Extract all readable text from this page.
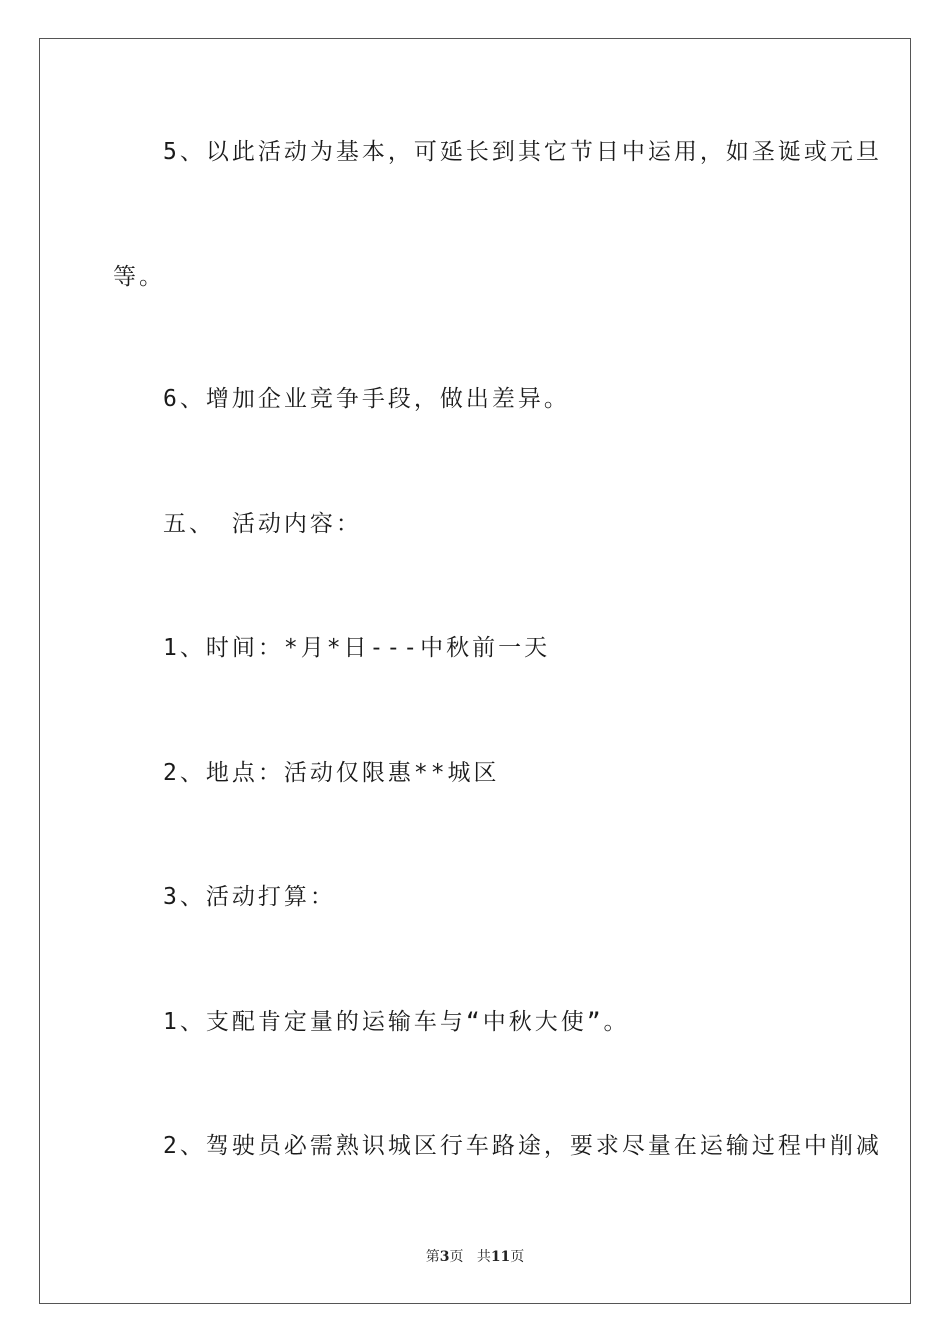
5、以此活动为基本，可延长到其它节日中运用，如圣诞或元旦
等。
6、增加企业竞争手段，做出差异。
五、 活动内容：
1、时间：*月*日---中秋前一天
2、地点：活动仅限惠**城区
3、活动打算：
1、支配肯定量的运输车与“中秋大使”。
2、驾驶员必需熟识城区行车路途，要求尽量在运输过程中削减
第3页 共11页
